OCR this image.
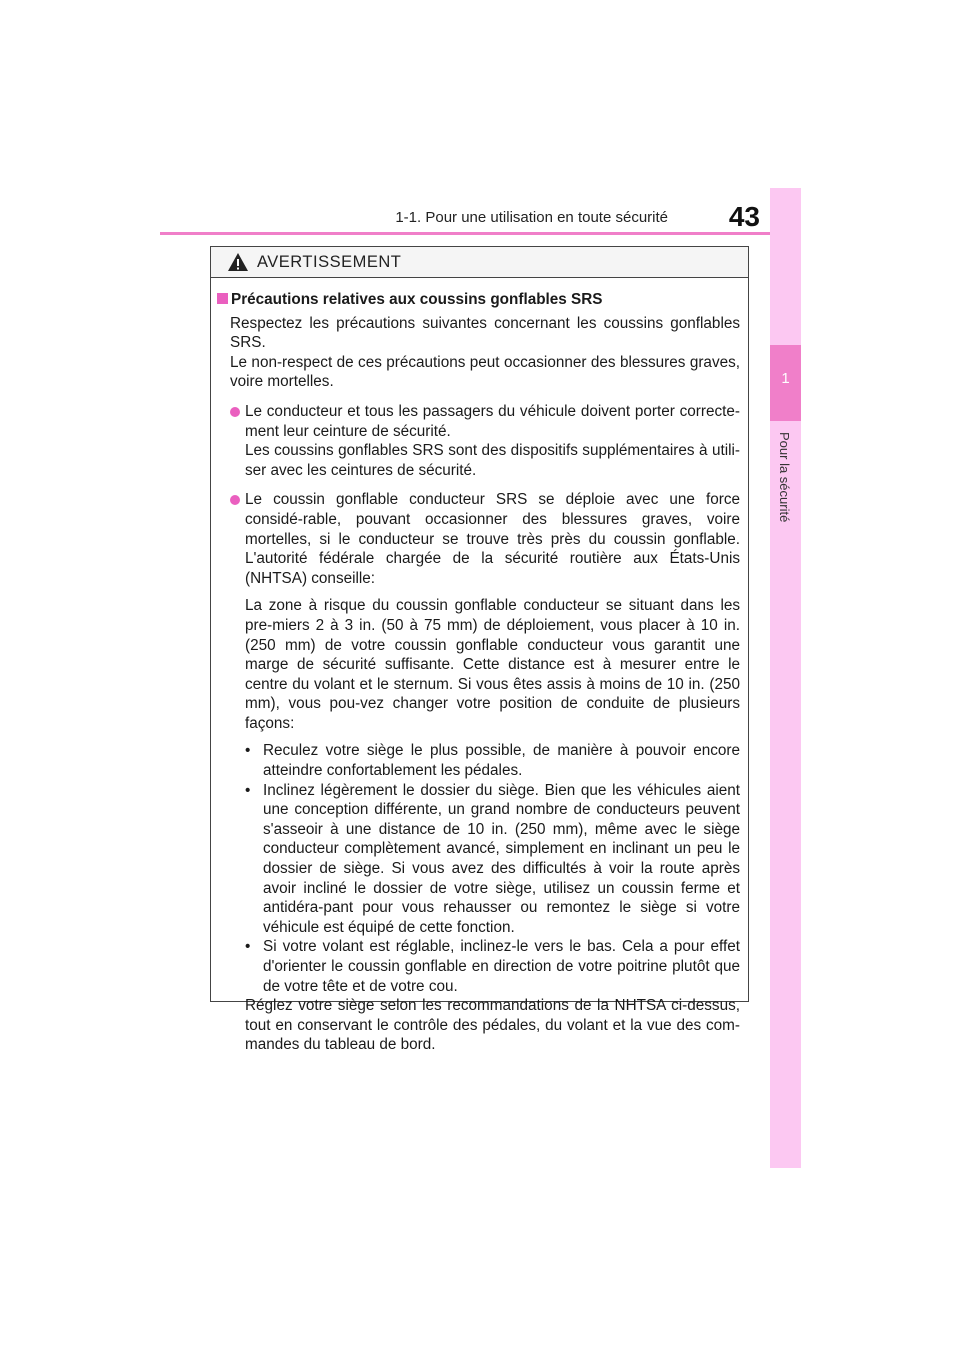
1-1. Pour une utilisation en toute sécurité 43
1
Pour la sécurité
AVERTISSEMENT
Précautions relatives aux coussins gonflables SRS
Respectez les précautions suivantes concernant les coussins gonflables SRS.
Le non-respect de ces précautions peut occasionner des blessures graves, voire mortelles.
Le conducteur et tous les passagers du véhicule doivent porter correcte-ment leur ceinture de sécurité.
Les coussins gonflables SRS sont des dispositifs supplémentaires à utili-ser avec les ceintures de sécurité.
Le coussin gonflable conducteur SRS se déploie avec une force considé-rable, pouvant occasionner des blessures graves, voire mortelles, si le conducteur se trouve très près du coussin gonflable. L'autorité fédérale chargée de la sécurité routière aux États-Unis (NHTSA) conseille:
La zone à risque du coussin gonflable conducteur se situant dans les pre-miers 2 à 3 in. (50 à 75 mm) de déploiement, vous placer à 10 in. (250 mm) de votre coussin gonflable conducteur vous garantit une marge de sécurité suffisante. Cette distance est à mesurer entre le centre du volant et le sternum. Si vous êtes assis à moins de 10 in. (250 mm), vous pou-vez changer votre position de conduite de plusieurs façons:
• Reculez votre siège le plus possible, de manière à pouvoir encore atteindre confortablement les pédales.
• Inclinez légèrement le dossier du siège. Bien que les véhicules aient une conception différente, un grand nombre de conducteurs peuvent s'asseoir à une distance de 10 in. (250 mm), même avec le siège conducteur complètement avancé, simplement en inclinant un peu le dossier de siège. Si vous avez des difficultés à voir la route après avoir incliné le dossier de votre siège, utilisez un coussin ferme et antidéra-pant pour vous rehausser ou remontez le siège si votre véhicule est équipé de cette fonction.
• Si votre volant est réglable, inclinez-le vers le bas. Cela a pour effet d'orienter le coussin gonflable en direction de votre poitrine plutôt que de votre tête et de votre cou.
Réglez votre siège selon les recommandations de la NHTSA ci-dessus, tout en conservant le contrôle des pédales, du volant et la vue des com-mandes du tableau de bord.
